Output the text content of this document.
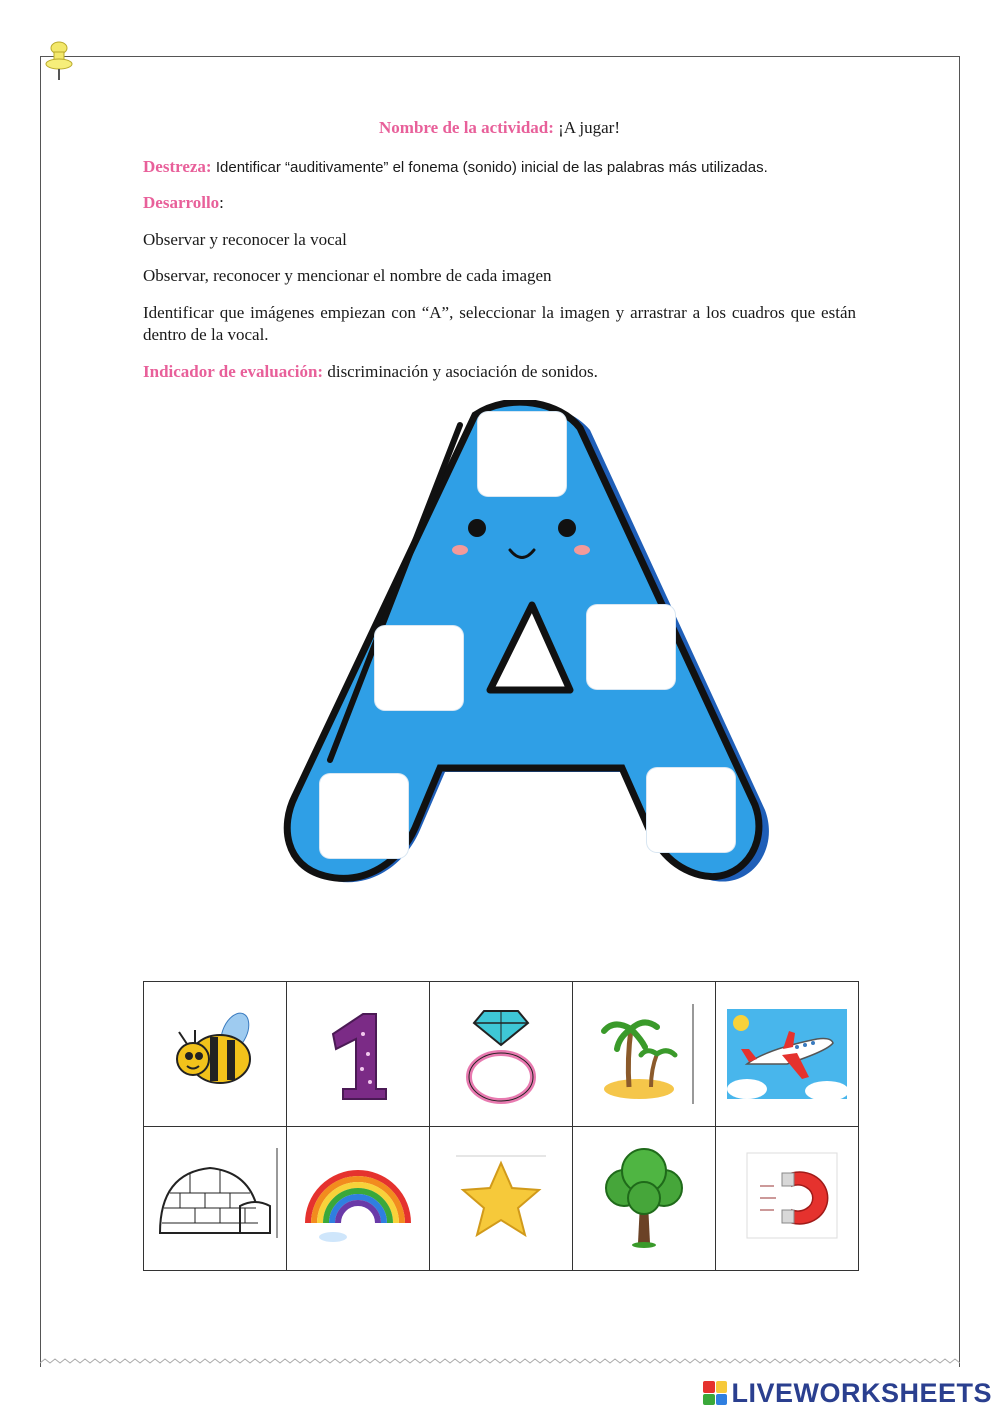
Nombre de la actividad: ¡A jugar!
Destreza: Identificar “auditivamente” el fonema (sonido) inicial de las palabras más utilizadas.
Desarrollo:
Observar y reconocer la vocal
Observar, reconocer y mencionar el nombre de cada imagen
Identificar que imágenes empiezan con “A”, seleccionar la imagen y arrastrar a los cuadros que están dentro de la vocal.
Indicador de evaluación: discriminación y asociación de sonidos.

LIVEWORKSHEETS
